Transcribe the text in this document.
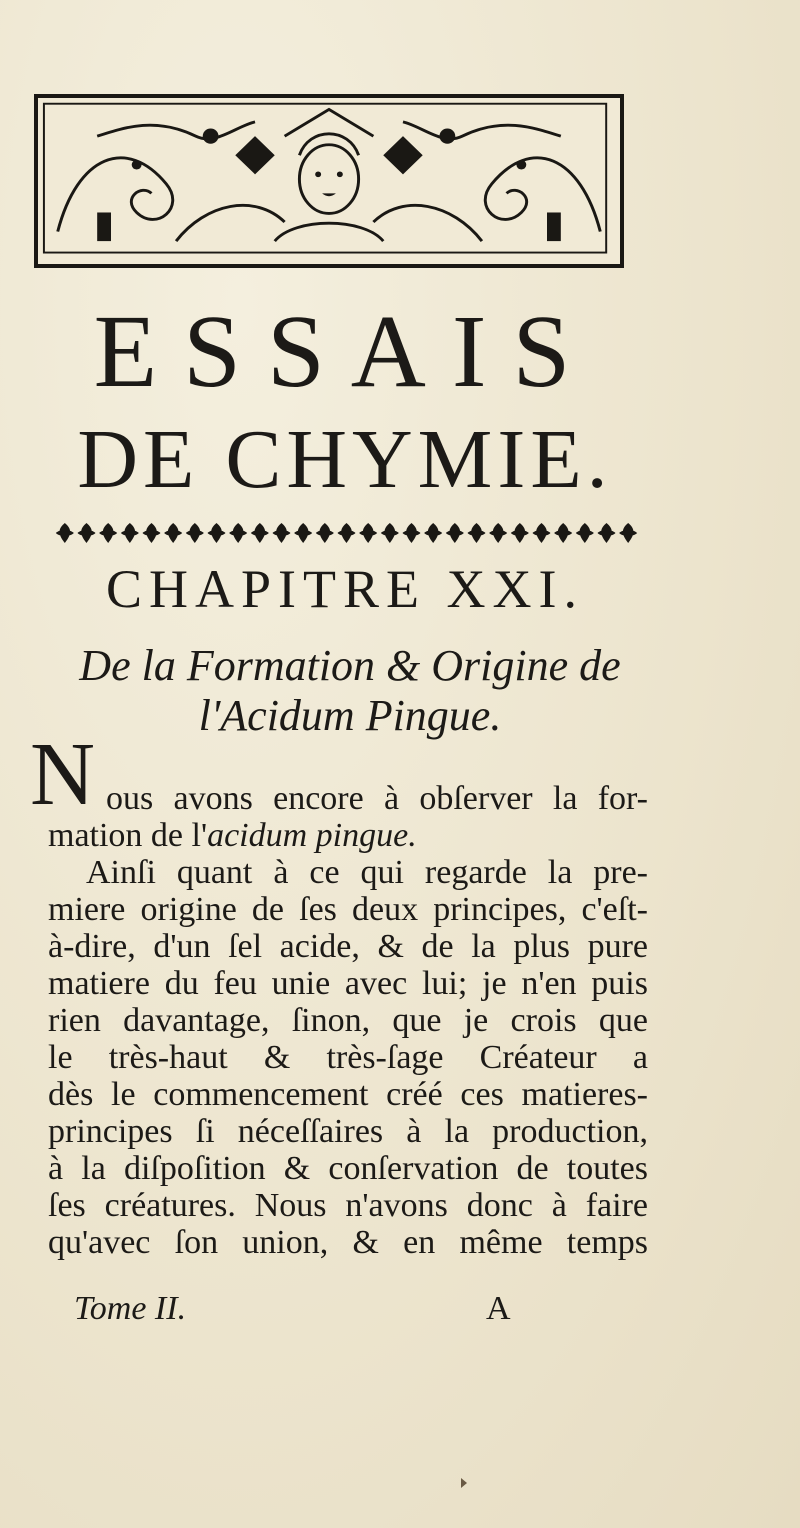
ESSAIS
DE CHYMIE.
CHAPITRE XXI.
De la Formation & Origine de
l'Acidum Pingue.
N ous avons encore à obſerver la for-
mation de l'acidum pingue.
Ainſi quant à ce qui regarde la pre-
miere origine de ſes deux principes, c'eſt-
à-dire, d'un ſel acide, & de la plus pure
matiere du feu unie avec lui; je n'en puis
rien davantage, ſinon, que je crois que
le très-haut & très-ſage Créateur a
dès le commencement créé ces matieres-
principes ſi néceſſaires à la production,
à la diſpoſition & conſervation de toutes
ſes créatures. Nous n'avons donc à faire
qu'avec ſon union, & en même temps
Tome II.	A
